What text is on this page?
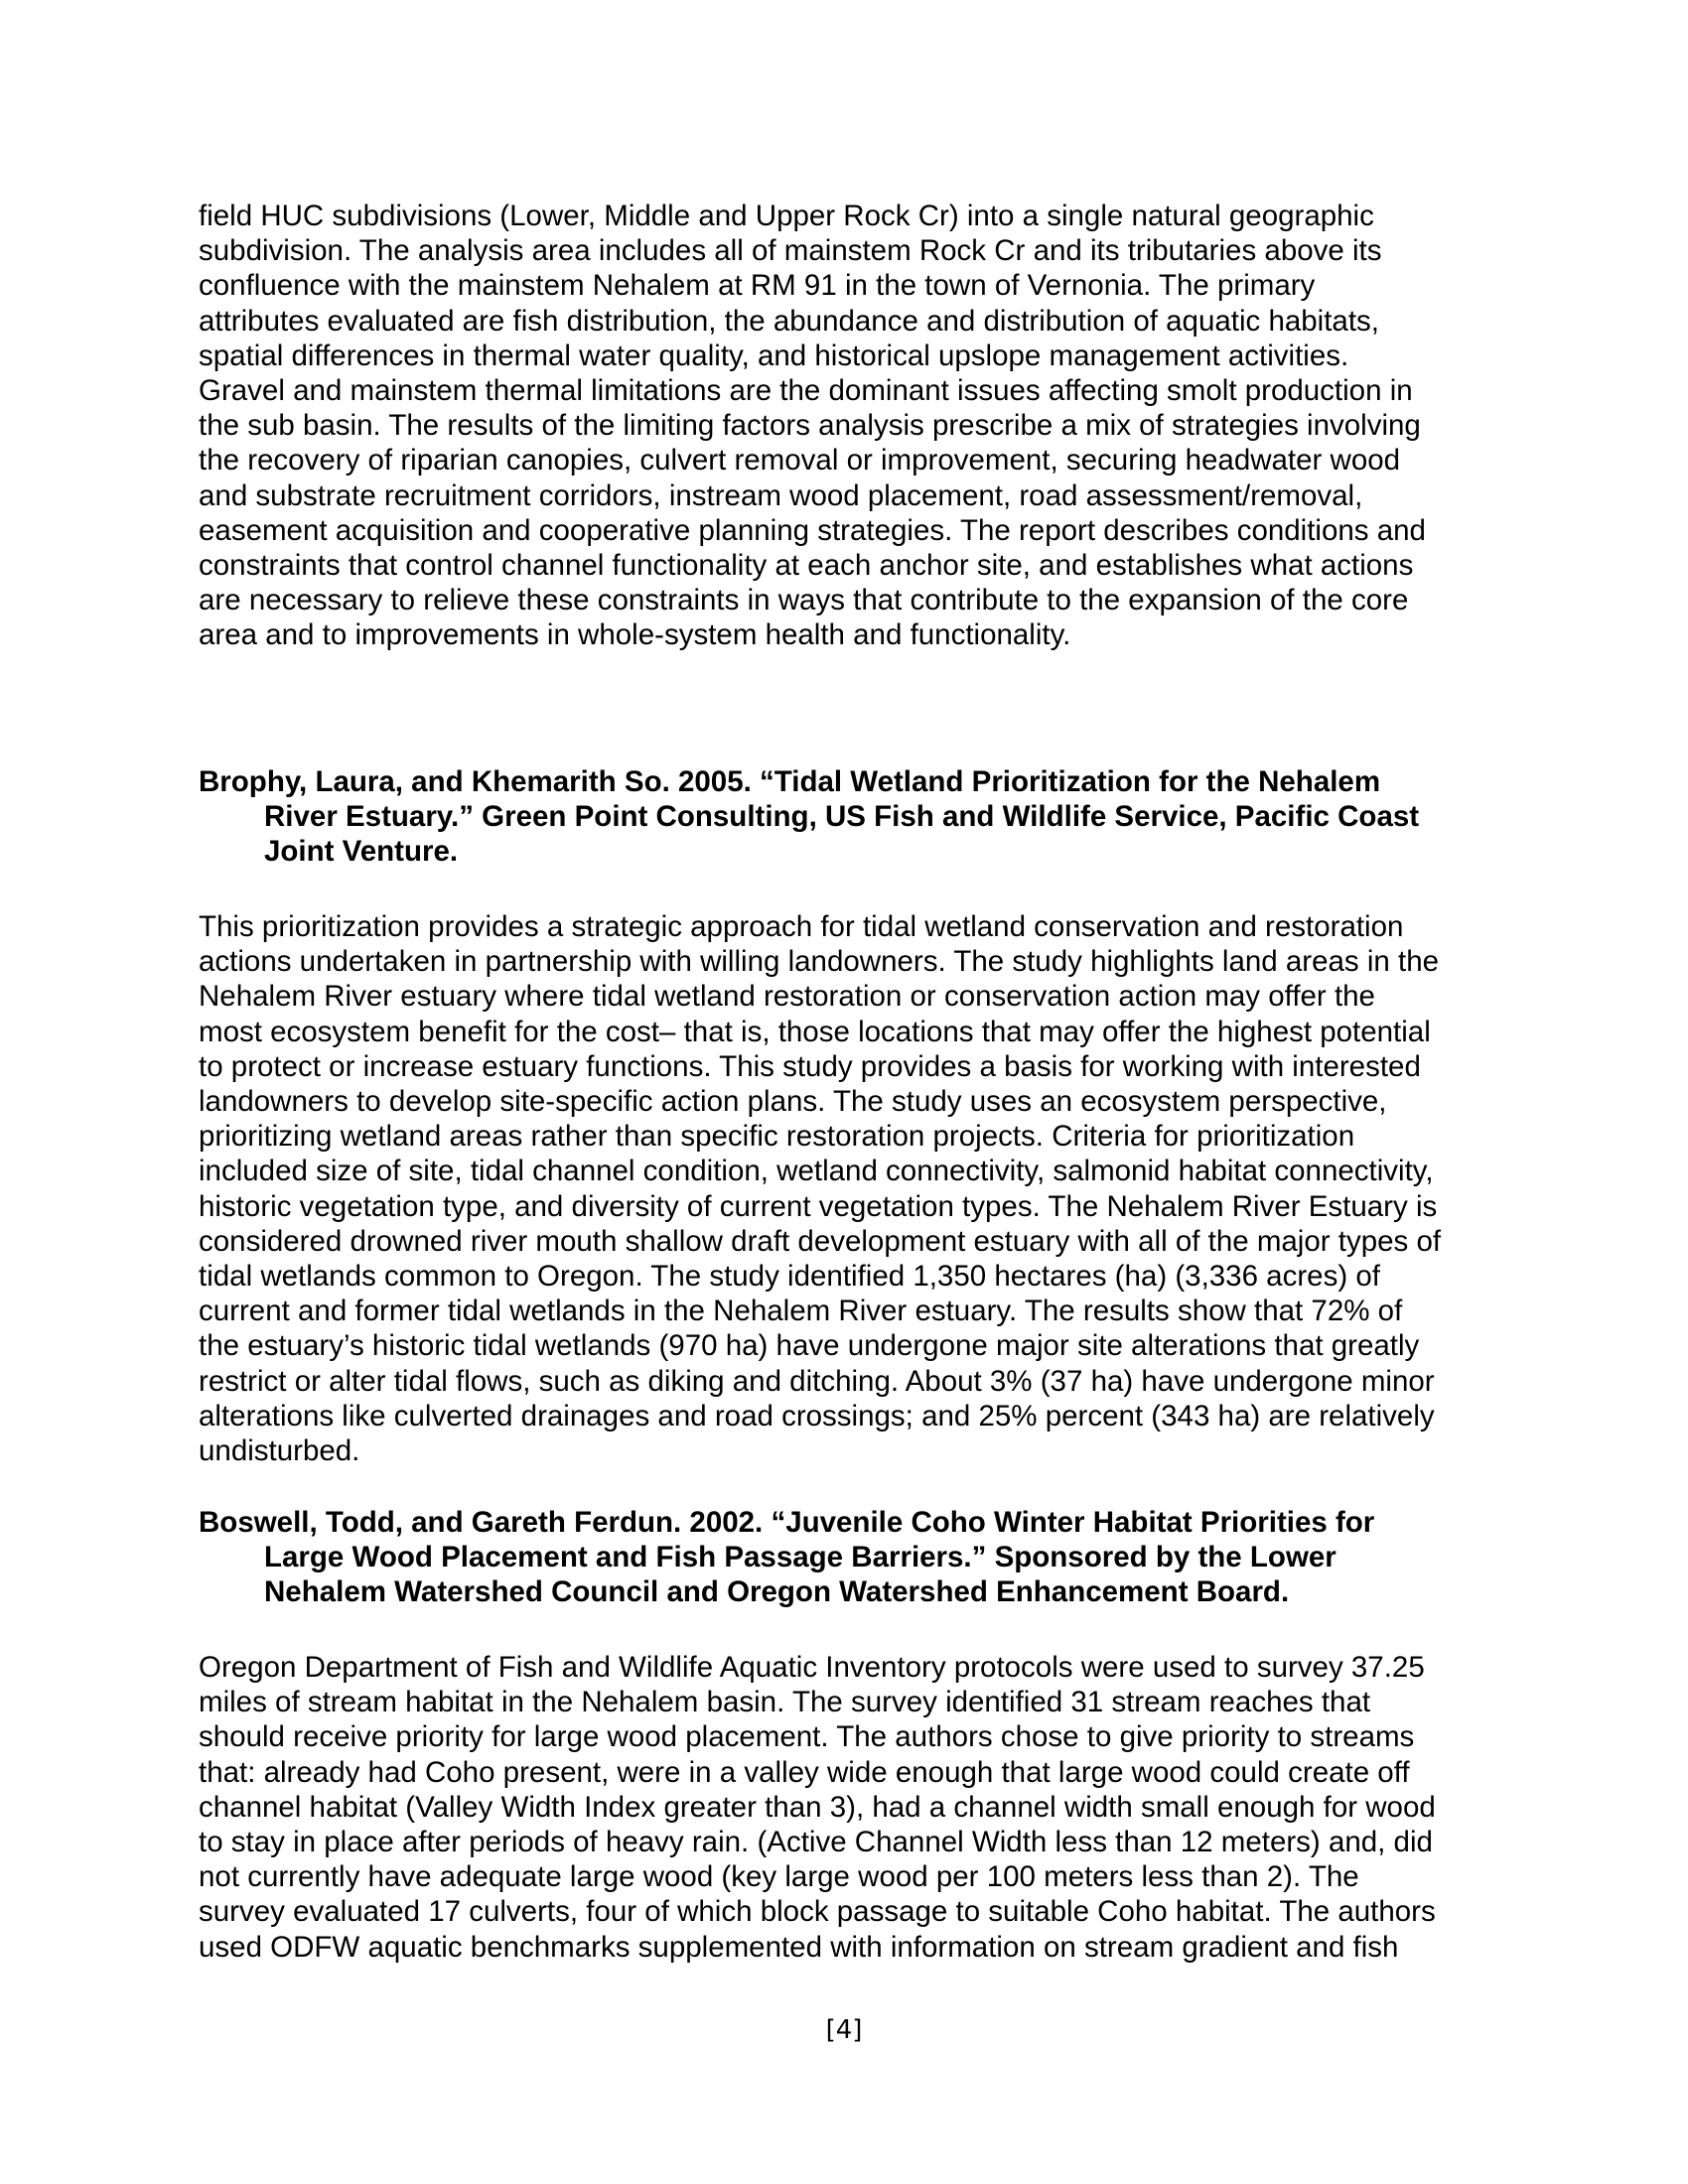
field HUC subdivisions (Lower, Middle and Upper Rock Cr) into a single natural geographic
subdivision. The analysis area includes all of mainstem Rock Cr and its tributaries above its
confluence with the mainstem Nehalem at RM 91 in the town of Vernonia. The primary
attributes evaluated are fish distribution, the abundance and distribution of aquatic habitats,
spatial differences in thermal water quality, and historical upslope management activities.
Gravel and mainstem thermal limitations are the dominant issues affecting smolt production in
the sub basin. The results of the limiting factors analysis prescribe a mix of strategies involving
the recovery of riparian canopies, culvert removal or improvement, securing headwater wood
and substrate recruitment corridors, instream wood placement, road assessment/removal,
easement acquisition and cooperative planning strategies. The report describes conditions and
constraints that control channel functionality at each anchor site, and establishes what actions
are necessary to relieve these constraints in ways that contribute to the expansion of the core
area and to improvements in whole-system health and functionality.

Brophy, Laura, and Khemarith So. 2005. “Tidal Wetland Prioritization for the Nehalem
River Estuary.” Green Point Consulting, US Fish and Wildlife Service, Pacific Coast
Joint Venture.

This prioritization provides a strategic approach for tidal wetland conservation and restoration
actions undertaken in partnership with willing landowners. The study highlights land areas in the
Nehalem River estuary where tidal wetland restoration or conservation action may offer the
most ecosystem benefit for the cost– that is, those locations that may offer the highest potential
to protect or increase estuary functions. This study provides a basis for working with interested
landowners to develop site-specific action plans. The study uses an ecosystem perspective,
prioritizing wetland areas rather than specific restoration projects. Criteria for prioritization
included size of site, tidal channel condition, wetland connectivity, salmonid habitat connectivity,
historic vegetation type, and diversity of current vegetation types. The Nehalem River Estuary is
considered drowned river mouth shallow draft development estuary with all of the major types of
tidal wetlands common to Oregon. The study identified 1,350 hectares (ha) (3,336 acres) of
current and former tidal wetlands in the Nehalem River estuary. The results show that 72% of
the estuary’s historic tidal wetlands (970 ha) have undergone major site alterations that greatly
restrict or alter tidal flows, such as diking and ditching. About 3% (37 ha) have undergone minor
alterations like culverted drainages and road crossings; and 25% percent (343 ha) are relatively
undisturbed.

Boswell, Todd, and Gareth Ferdun. 2002. “Juvenile Coho Winter Habitat Priorities for
Large Wood Placement and Fish Passage Barriers.” Sponsored by the Lower
Nehalem Watershed Council and Oregon Watershed Enhancement Board.

Oregon Department of Fish and Wildlife Aquatic Inventory protocols were used to survey 37.25
miles of stream habitat in the Nehalem basin. The survey identified 31 stream reaches that
should receive priority for large wood placement. The authors chose to give priority to streams
that: already had Coho present, were in a valley wide enough that large wood could create off
channel habitat (Valley Width Index greater than 3), had a channel width small enough for wood
to stay in place after periods of heavy rain. (Active Channel Width less than 12 meters) and, did
not currently have adequate large wood (key large wood per 100 meters less than 2). The
survey evaluated 17 culverts, four of which block passage to suitable Coho habitat. The authors
used ODFW aquatic benchmarks supplemented with information on stream gradient and fish

[4]
